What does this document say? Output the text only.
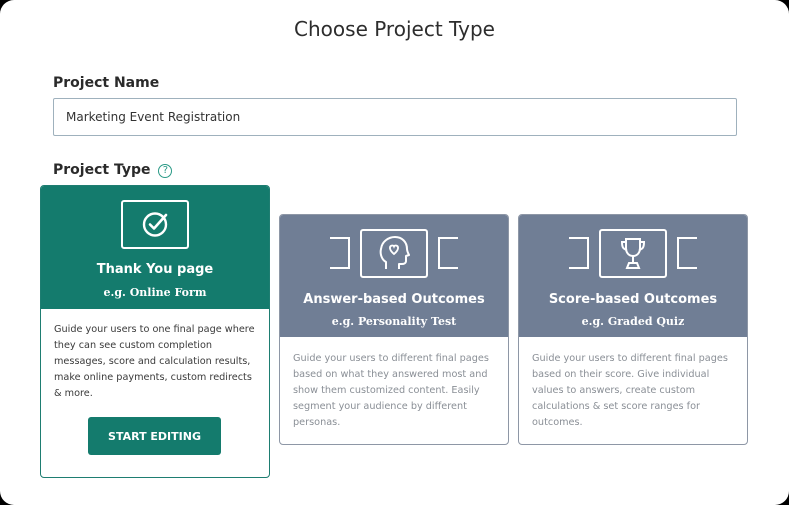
Choose Project Type
Project Name
Marketing Event Registration
Project Type ?
Thank You page
e.g. Online Form
Guide your users to one final page where they can see custom completion messages, score and calculation results, make online payments, custom redirects & more.
START EDITING
Answer-based Outcomes
e.g. Personality Test
Guide your users to different final pages based on what they answered most and show them customized content. Easily segment your audience by different personas.
Score-based Outcomes
e.g. Graded Quiz
Guide your users to different final pages based on their score. Give individual values to answers, create custom calculations & set score ranges for outcomes.
